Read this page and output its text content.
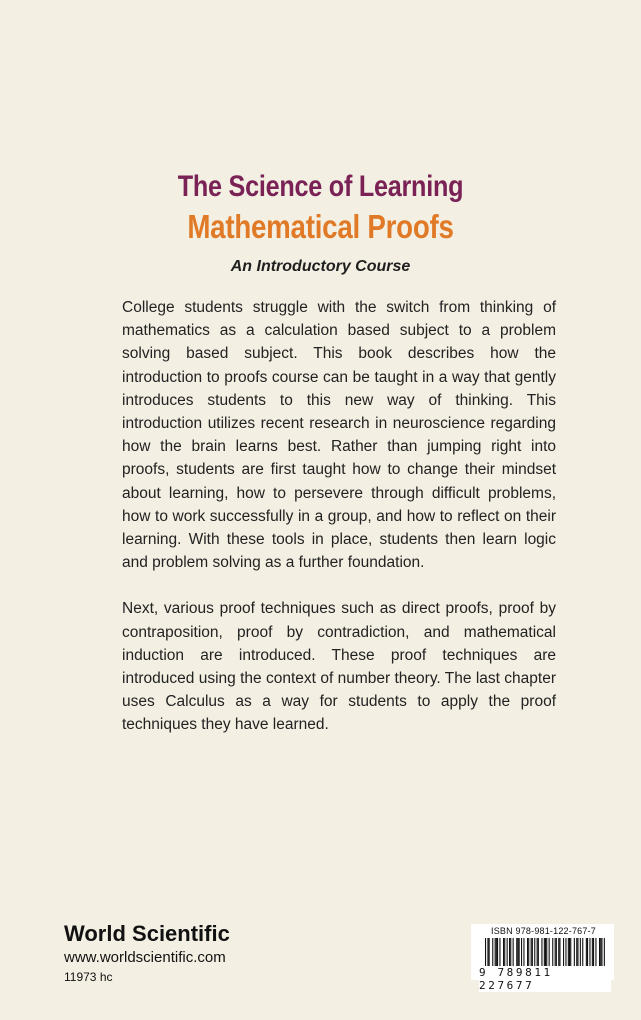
The Science of Learning
Mathematical Proofs
An Introductory Course

College students struggle with the switch from thinking of mathematics as a calculation based subject to a problem solving based subject. This book describes how the introduction to proofs course can be taught in a way that gently introduces students to this new way of thinking. This introduction utilizes recent research in neuroscience regarding how the brain learns best. Rather than jumping right into proofs, students are first taught how to change their mindset about learning, how to persevere through difficult problems, how to work successfully in a group, and how to reflect on their learning. With these tools in place, students then learn logic and problem solving as a further foundation.

Next, various proof techniques such as direct proofs, proof by contraposition, proof by contradiction, and mathematical induction are introduced. These proof techniques are introduced using the context of number theory. The last chapter uses Calculus as a way for students to apply the proof techniques they have learned.

World Scientific
www.worldscientific.com
11973 hc
ISBN 978-981-122-767-7
9 789811 227677
